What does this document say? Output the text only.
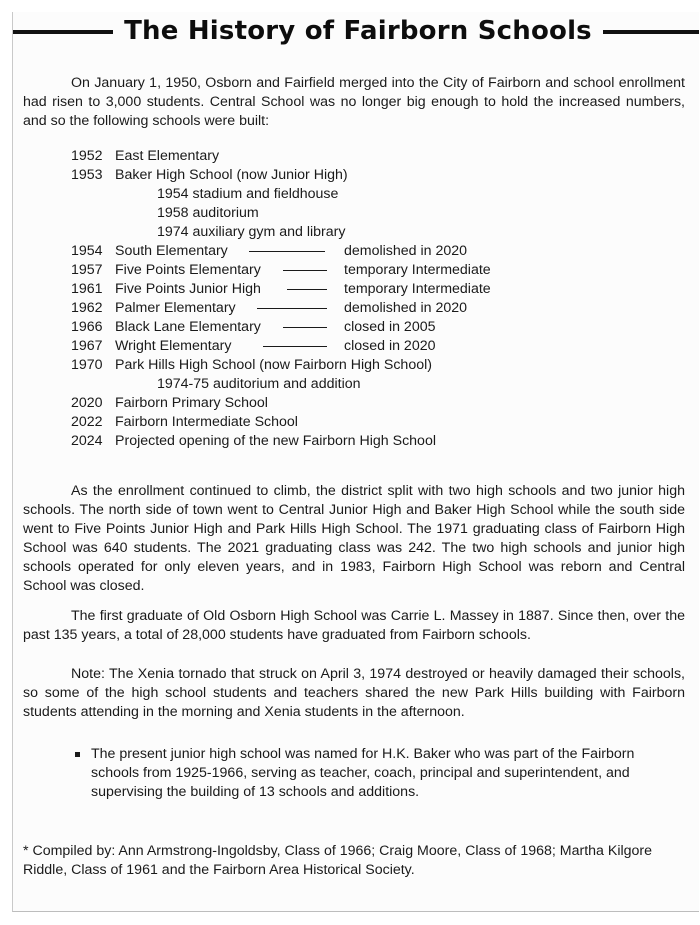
The History of Fairborn Schools

On January 1, 1950, Osborn and Fairfield merged into the City of Fairborn and school enrollment had risen to 3,000 students. Central School was no longer big enough to hold the increased numbers, and so the following schools were built:

1952 East Elementary
1953 Baker High School (now Junior High)
1954 stadium and fieldhouse
1958 auditorium
1974 auxiliary gym and library
1954 South Elementary	demolished in 2020
1957 Five Points Elementary	temporary Intermediate
1961 Five Points Junior High	temporary Intermediate
1962 Palmer Elementary	demolished in 2020
1966 Black Lane Elementary	closed in 2005
1967 Wright Elementary	closed in 2020
1970 Park Hills High School (now Fairborn High School)
1974-75 auditorium and addition
2020 Fairborn Primary School
2022 Fairborn Intermediate School
2024 Projected opening of the new Fairborn High School

As the enrollment continued to climb, the district split with two high schools and two junior high schools. The north side of town went to Central Junior High and Baker High School while the south side went to Five Points Junior High and Park Hills High School. The 1971 graduating class of Fairborn High School was 640 students. The 2021 graduating class was 242. The two high schools and junior high schools operated for only eleven years, and in 1983, Fairborn High School was reborn and Central School was closed.

The first graduate of Old Osborn High School was Carrie L. Massey in 1887. Since then, over the past 135 years, a total of 28,000 students have graduated from Fairborn schools.

Note: The Xenia tornado that struck on April 3, 1974 destroyed or heavily damaged their schools, so some of the high school students and teachers shared the new Park Hills building with Fairborn students attending in the morning and Xenia students in the afternoon.

The present junior high school was named for H.K. Baker who was part of the Fairborn schools from 1925-1966, serving as teacher, coach, principal and superintendent, and supervising the building of 13 schools and additions.

* Compiled by: Ann Armstrong-Ingoldsby, Class of 1966; Craig Moore, Class of 1968; Martha Kilgore Riddle, Class of 1961 and the Fairborn Area Historical Society.
